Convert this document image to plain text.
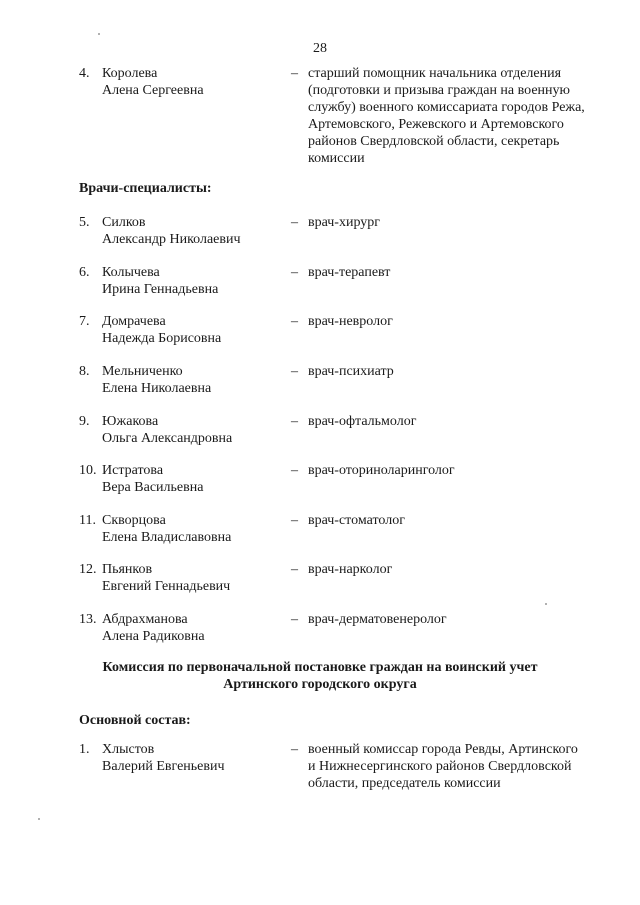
28
4. Королева
Алена Сергеевна
– старший помощник начальника отделения
(подготовки и призыва граждан на военную
службу) военного комиссариата городов Режа,
Артемовского, Режевского и Артемовского
районов Свердловской области, секретарь
комиссии
Врачи-специалисты:
5. Силков
Александр Николаевич
– врач-хирург
6. Колычева
Ирина Геннадьевна
– врач-терапевт
7. Домрачева
Надежда Борисовна
– врач-невролог
8. Мельниченко
Елена Николаевна
– врач-психиатр
9. Южакова
Ольга Александровна
– врач-офтальмолог
10. Истратова
Вера Васильевна
– врач-оториноларинголог
11. Скворцова
Елена Владиславовна
– врач-стоматолог
12. Пьянков
Евгений Геннадьевич
– врач-нарколог
13. Абдрахманова
Алена Радиковна
– врач-дерматовенеролог
Комиссия по первоначальной постановке граждан на воинский учет
Артинского городского округа
Основной состав:
1. Хлыстов
Валерий Евгеньевич
– военный комиссар города Ревды, Артинского
и Нижнесергинского районов Свердловской
области, председатель комиссии
